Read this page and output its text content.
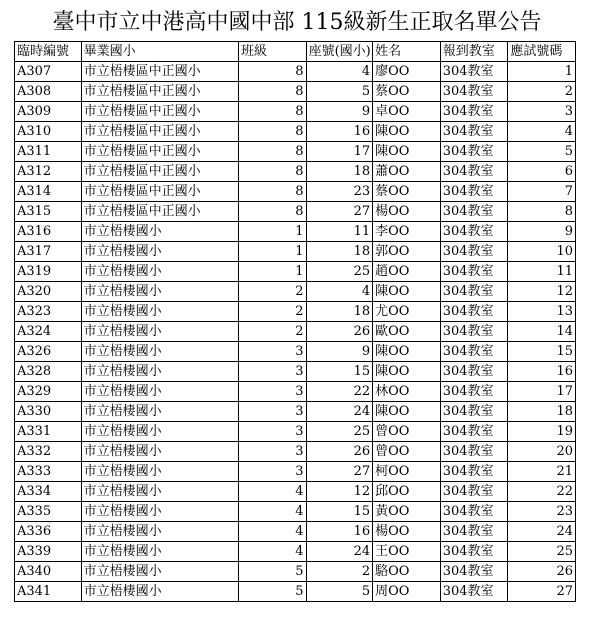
臺中市立中港高中國中部 115級新生正取名單公告
臨時編號	畢業國小	班級	座號(國小)	姓名	報到教室	應試號碼
A307	市立梧棲區中正國小	8	4	廖OO	304教室	1
A308	市立梧棲區中正國小	8	5	蔡OO	304教室	2
A309	市立梧棲區中正國小	8	9	卓OO	304教室	3
A310	市立梧棲區中正國小	8	16	陳OO	304教室	4
A311	市立梧棲區中正國小	8	17	陳OO	304教室	5
A312	市立梧棲區中正國小	8	18	蕭OO	304教室	6
A314	市立梧棲區中正國小	8	23	蔡OO	304教室	7
A315	市立梧棲區中正國小	8	27	楊OO	304教室	8
A316	市立梧棲國小	1	11	李OO	304教室	9
A317	市立梧棲國小	1	18	郭OO	304教室	10
A319	市立梧棲國小	1	25	趙OO	304教室	11
A320	市立梧棲國小	2	4	陳OO	304教室	12
A323	市立梧棲國小	2	18	尤OO	304教室	13
A324	市立梧棲國小	2	26	歐OO	304教室	14
A326	市立梧棲國小	3	9	陳OO	304教室	15
A328	市立梧棲國小	3	15	陳OO	304教室	16
A329	市立梧棲國小	3	22	林OO	304教室	17
A330	市立梧棲國小	3	24	陳OO	304教室	18
A331	市立梧棲國小	3	25	曾OO	304教室	19
A332	市立梧棲國小	3	26	曾OO	304教室	20
A333	市立梧棲國小	3	27	柯OO	304教室	21
A334	市立梧棲國小	4	12	邱OO	304教室	22
A335	市立梧棲國小	4	15	黃OO	304教室	23
A336	市立梧棲國小	4	16	楊OO	304教室	24
A339	市立梧棲國小	4	24	王OO	304教室	25
A340	市立梧棲國小	5	2	駱OO	304教室	26
A341	市立梧棲國小	5	5	周OO	304教室	27
